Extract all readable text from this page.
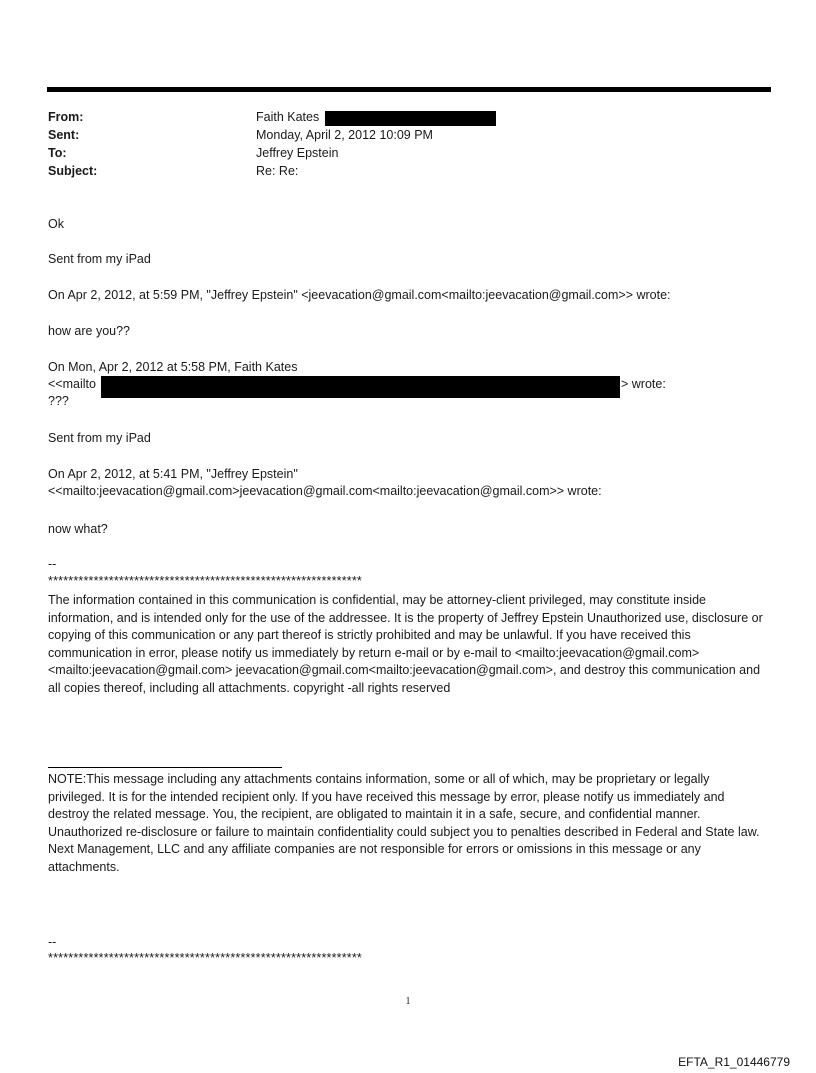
From:
Sent:
To:
Subject:
Faith Kates
Monday, April 2, 2012 10:09 PM
Jeffrey Epstein
Re: Re:
Ok
Sent from my iPad
On Apr 2, 2012, at 5:59 PM, "Jeffrey Epstein" <jeevacation@gmail.com<mailto:jeevacation@gmail.com>> wrote:
how are you??
On Mon, Apr 2, 2012 at 5:58 PM, Faith Kates
<<mailto	> wrote:
???
Sent from my iPad
On Apr 2, 2012, at 5:41 PM, "Jeffrey Epstein"
<<mailto:jeevacation@gmail.com>jeevacation@gmail.com<mailto:jeevacation@gmail.com>> wrote:
now what?
--
**************************************************************

The information contained in this communication is confidential, may be attorney-client privileged, may constitute inside information, and is intended only for the use of the addressee. It is the property of Jeffrey Epstein Unauthorized use, disclosure or copying of this communication or any part thereof is strictly prohibited and may be unlawful. If you have received this communication in error, please notify us immediately by return e-mail or by e-mail to <mailto:jeevacation@gmail.com> <mailto:jeevacation@gmail.com> jeevacation@gmail.com<mailto:jeevacation@gmail.com>, and destroy this communication and all copies thereof, including all attachments. copyright -all rights reserved

NOTE:This message including any attachments contains information, some or all of which, may be proprietary or legally privileged. It is for the intended recipient only. If you have received this message by error, please notify us immediately and destroy the related message. You, the recipient, are obligated to maintain it in a safe, secure, and confidential manner. Unauthorized re-disclosure or failure to maintain confidentiality could subject you to penalties described in Federal and State law. Next Management, LLC and any affiliate companies are not responsible for errors or omissions in this message or any attachments.

--
**************************************************************
1
EFTA_R1_01446779
